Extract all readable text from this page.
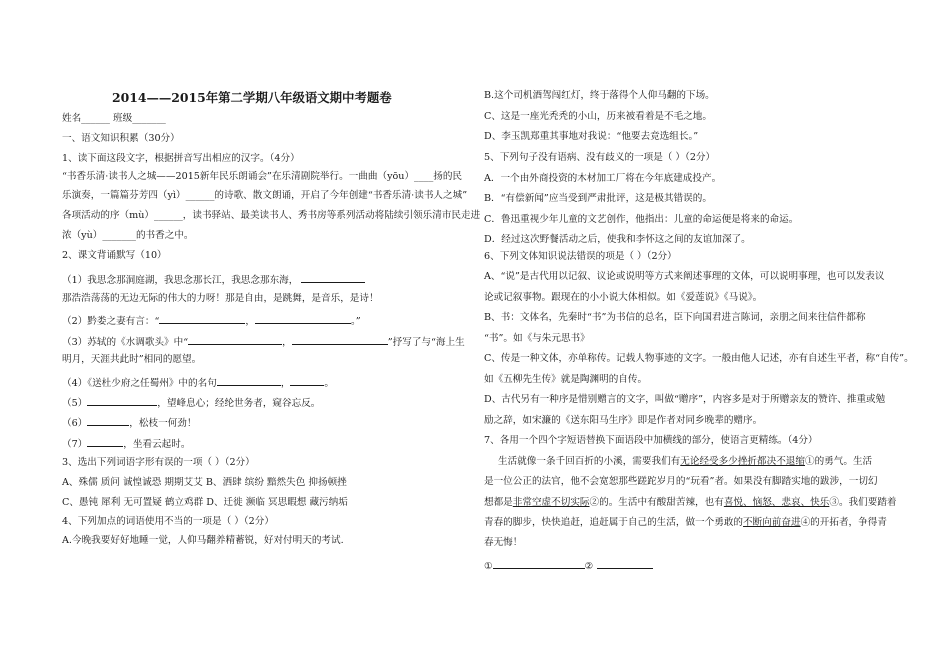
2014——2015年第二学期八年级语文期中考题卷
姓名______ 班级_______
一、语文知识积累（30分）
1、读下面这段文字，根据拼音写出相应的汉字。（4分）
“书香乐清·读书人之城——2015新年民乐朗诵会”在乐清剧院举行。一曲曲（yōu）____扬的民
乐演奏，一篇篇芬芳四（yì）______的诗歌、散文朗诵，开启了今年创建“书香乐清·读书人之城”
各项活动的序（mù）______，读书驿站、最美读书人、秀书房等系列活动将陆续引领乐清市民走进
浓（yù）_______的书香之中。
2、课文背诵默写（10）
（1）我思念那洞庭湖，我思念那长江，我思念那东海，
那浩浩荡荡的无边无际的伟大的力呀！那是自由，是跳舞，是音乐，是诗！
（2）黔娄之妻有言：“	，	。”
（3）苏轼的《水调歌头》中“	，	”抒写了与“海上生
明月，天涯共此时”相同的愿望。
（4）《送杜少府之任蜀州》中的名句	，	。
（5）	，望峰息心；经纶世务者，窥谷忘反。
（6）	，松枝一何劲！
（7）	，坐看云起时。
3、选出下列词语字形有误的一项（ ）（2分）
A、殊儒 质问 诚惶诚恐 期期艾艾 B、洒肆 缤纷 黯然失色 抑扬顿挫
C、愚钝 犀利 无可置疑 鹤立鸡群 D、迁徙 濒临 冥思暇想 藏污纳垢
4、下列加点的词语使用不当的一项是（ ）（2分）
A.今晚我要好好地睡一觉，人仰马翻养精蓄锐，好对付明天的考试.
B.这个司机酒驾闯红灯，终于落得个人仰马翻的下场。
C、这是一座光秃秃的小山，历来被看着是不毛之地。
D、李玉凯郑重其事地对我说：“他要去竞选组长。”
5、下列句子没有语病、没有歧义的一项是（ ）（2分）
A．一个由外商投资的木材加工厂将在今年底建成投产。
B．“有偿新闻”应当受到严肃批评，这是极其错误的。
C．鲁迅重视少年儿童的文艺创作，他指出：儿童的命运便是将来的命运。
D．经过这次野餐活动之后，使我和李怀这之间的友谊加深了。
6、下列文体知识说法错误的项是（ ）（2分）
A、“说”是古代用以记叙、议论或说明等方式来阐述事理的文体，可以说明事理，也可以发表议
论或记叙事物。跟现在的小小说大体相似。如《爱莲说》《马说》。
B、书：文体名，先秦时“书”为书信的总名，臣下向国君进言陈词，亲朋之间来往信件都称
“书”。如《与朱元思书》
C、传是一种文体，亦单称传。记载人物事迹的文字。一般由他人记述，亦有自述生平者，称“自传”。
如《五柳先生传》就是陶渊明的自传。
D、古代另有一种序是惜别赠言的文字，叫做“赠序”，内容多是对于所赠亲友的赞许、推重或勉
励之辞，如宋濂的《送东阳马生序》即是作者对同乡晚辈的赠序。
7、各用一个四个字短语替换下面语段中加横线的部分，使语言更精练。（4分）
生活就像一条千回百折的小溪，需要我们有无论经受多少挫折都决不退缩①的勇气。生活
是一位公正的法官，他不会宽恕那些蹉跎岁月的“玩看”者。如果没有脚踏实地的跋涉，一切幻
想都是非常空虚不切实际②的。生活中有酸甜苦辣，也有喜悦、恼怒、悲哀、快乐③。我们要踏着
青春的脚步，快快追赶，追赶属于自己的生活，做一个勇敢的不断向前奋进④的开拓者，争得青
春无悔！
①	②
